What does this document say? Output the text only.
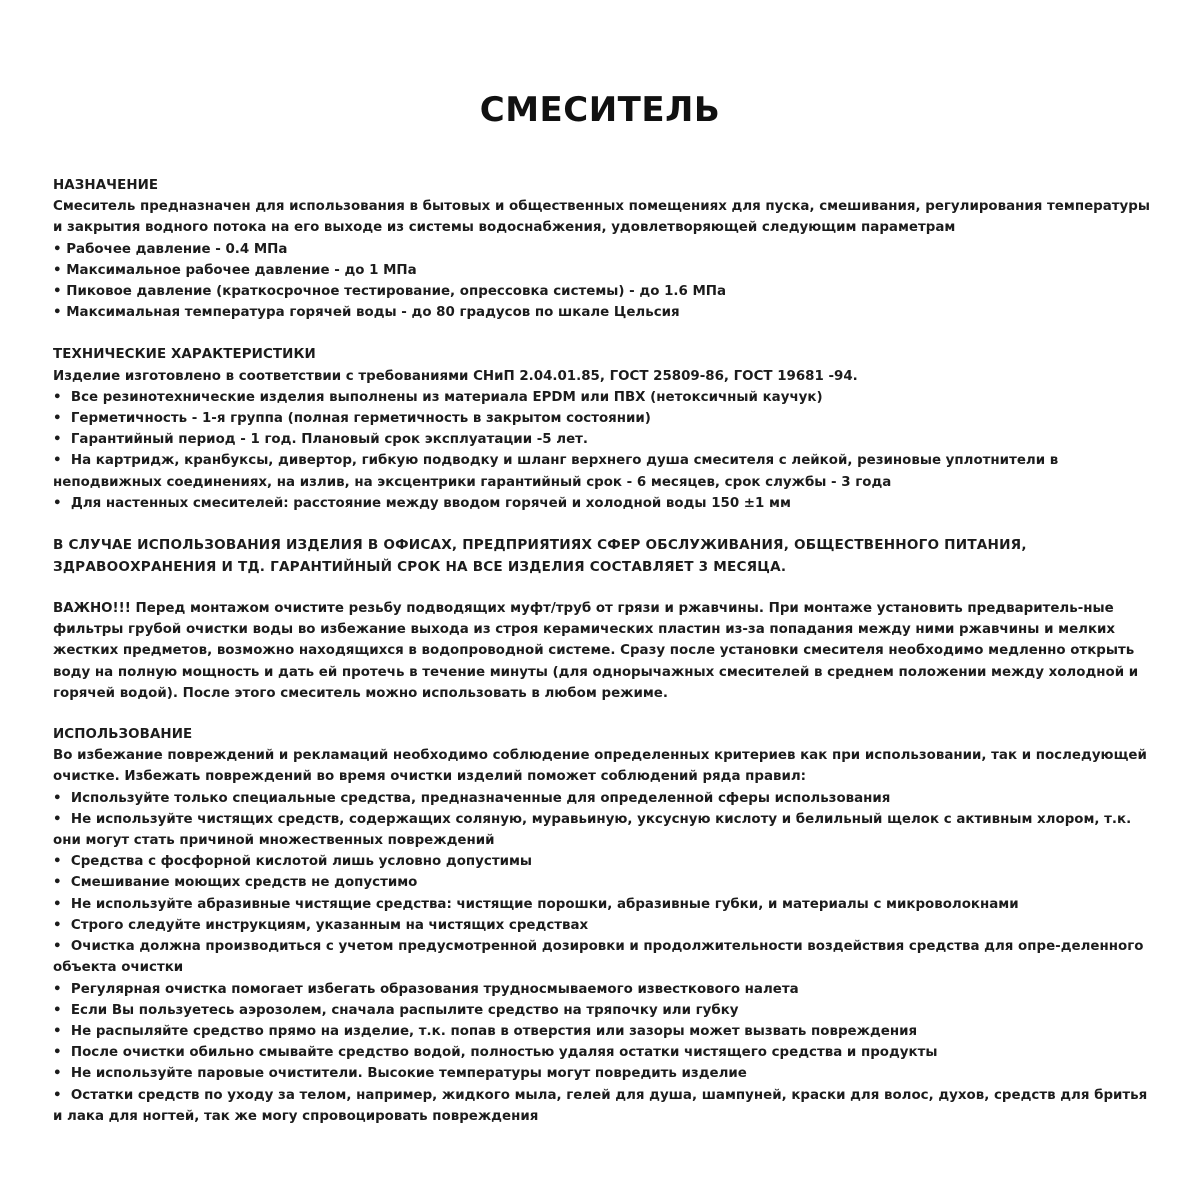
СМЕСИТЕЛЬ
НАЗНАЧЕНИЕ

Смеситель предназначен для использования в бытовых и общественных помещениях для пуска, смешивания, регулирования температуры и закрытия водного потока на его выходе из системы водоснабжения, удовлетворяющей следующим параметрам

• Рабочее давление - 0.4 МПа
• Максимальное рабочее давление - до 1 МПа
• Пиковое давление (краткосрочное тестирование, опрессовка системы) - до 1.6 МПа
• Максимальная температура горячей воды - до 80 градусов по шкале Цельсия
ТЕХНИЧЕСКИЕ ХАРАКТЕРИСТИКИ

Изделие изготовлено в соответствии с требованиями СНиП 2.04.01.85, ГОСТ 25809-86, ГОСТ 19681 -94.

• Все резинотехнические изделия выполнены из материала EPDM или ПВХ (нетоксичный каучук)
• Герметичность - 1-я группа (полная герметичность в закрытом состоянии)
• Гарантийный период - 1 год. Плановый срок эксплуатации -5 лет.
• На картридж, кранбуксы, дивертор, гибкую подводку и шланг верхнего душа смесителя с лейкой, резиновые уплотнители в неподвижных соединениях, на излив, на эксцентрики гарантийный срок - 6 месяцев, срок службы - 3 года
• Для настенных смесителей: расстояние между вводом горячей и холодной воды 150 ±1 мм

В СЛУЧАЕ ИСПОЛЬЗОВАНИЯ ИЗДЕЛИЯ В ОФИСАХ, ПРЕДПРИЯТИЯХ СФЕР ОБСЛУЖИВАНИЯ, ОБЩЕСТВЕННОГО ПИТАНИЯ, ЗДРАВООХРАНЕНИЯ И ТД. ГАРАНТИЙНЫЙ СРОК НА ВСЕ ИЗДЕЛИЯ СОСТАВЛЯЕТ 3 МЕСЯЦА.

ВАЖНО!!! Перед монтажом очистите резьбу подводящих муфт/труб от грязи и ржавчины. При монтаже установить предваритель-ные фильтры грубой очистки воды во избежание выхода из строя керамических пластин из-за попадания между ними ржавчины и мелких жестких предметов, возможно находящихся в водопроводной системе. Сразу после установки смесителя необходимо медленно открыть воду на полную мощность и дать ей протечь в течение минуты (для однорычажных смесителей в среднем положении между холодной и горячей водой). После этого смеситель можно использовать в любом режиме.

ИСПОЛЬЗОВАНИЕ

Во избежание повреждений и рекламаций необходимо соблюдение определенных критериев как при использовании, так и последующей очистке. Избежать повреждений во время очистки изделий поможет соблюдений ряда правил:

• Используйте только специальные средства, предназначенные для определенной сферы использования
• Не используйте чистящих средств, содержащих соляную, муравьиную, уксусную кислоту и белильный щелок с активным хлором, т.к. они могут стать причиной множественных повреждений
• Средства с фосфорной кислотой лишь условно допустимы
• Смешивание моющих средств не допустимо
• Не используйте абразивные чистящие средства: чистящие порошки, абразивные губки, и материалы с микроволокнами
• Строго следуйте инструкциям, указанным на чистящих средствах
• Очистка должна производиться с учетом предусмотренной дозировки и продолжительности воздействия средства для опре-деленного объекта очистки
• Регулярная очистка помогает избегать образования трудносмываемого известкового налета
• Если Вы пользуетесь аэрозолем, сначала распылите средство на тряпочку или губку
• Не распыляйте средство прямо на изделие, т.к. попав в отверстия или зазоры может вызвать повреждения
• После очистки обильно смывайте средство водой, полностью удаляя остатки чистящего средства и продукты
• Не используйте паровые очистители. Высокие температуры могут повредить изделие
• Остатки средств по уходу за телом, например, жидкого мыла, гелей для душа, шампуней, краски для волос, духов, средств для бритья и лака для ногтей, так же могу спровоцировать повреждения
